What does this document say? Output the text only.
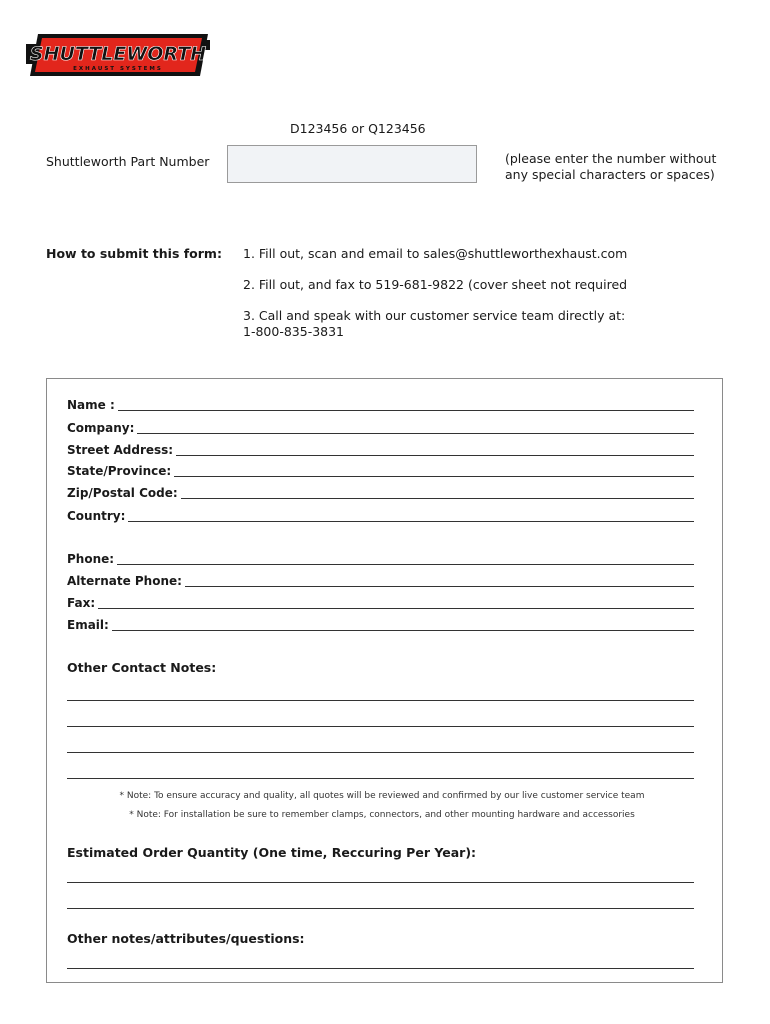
SHUTTLEWORTH
EXHAUST SYSTEMS
D123456 or Q123456
Shuttleworth Part Number	(please enter the number without
any special characters or spaces)
How to submit this form: 1. Fill out, scan and email to sales@shuttleworthexhaust.com
2. Fill out, and fax to 519-681-9822 (cover sheet not required
3. Call and speak with our customer service team directly at:
1-800-835-3831
Name :
Company:
Street Address:
State/Province:
Zip/Postal Code:
Country:
Phone:
Alternate Phone:
Fax:
Email:
Other Contact Notes:
* Note: To ensure accuracy and quality, all quotes will be reviewed and confirmed by our live customer service team
* Note: For installation be sure to remember clamps, connectors, and other mounting hardware and accessories
Estimated Order Quantity (One time, Reccuring Per Year):
Other notes/attributes/questions:
